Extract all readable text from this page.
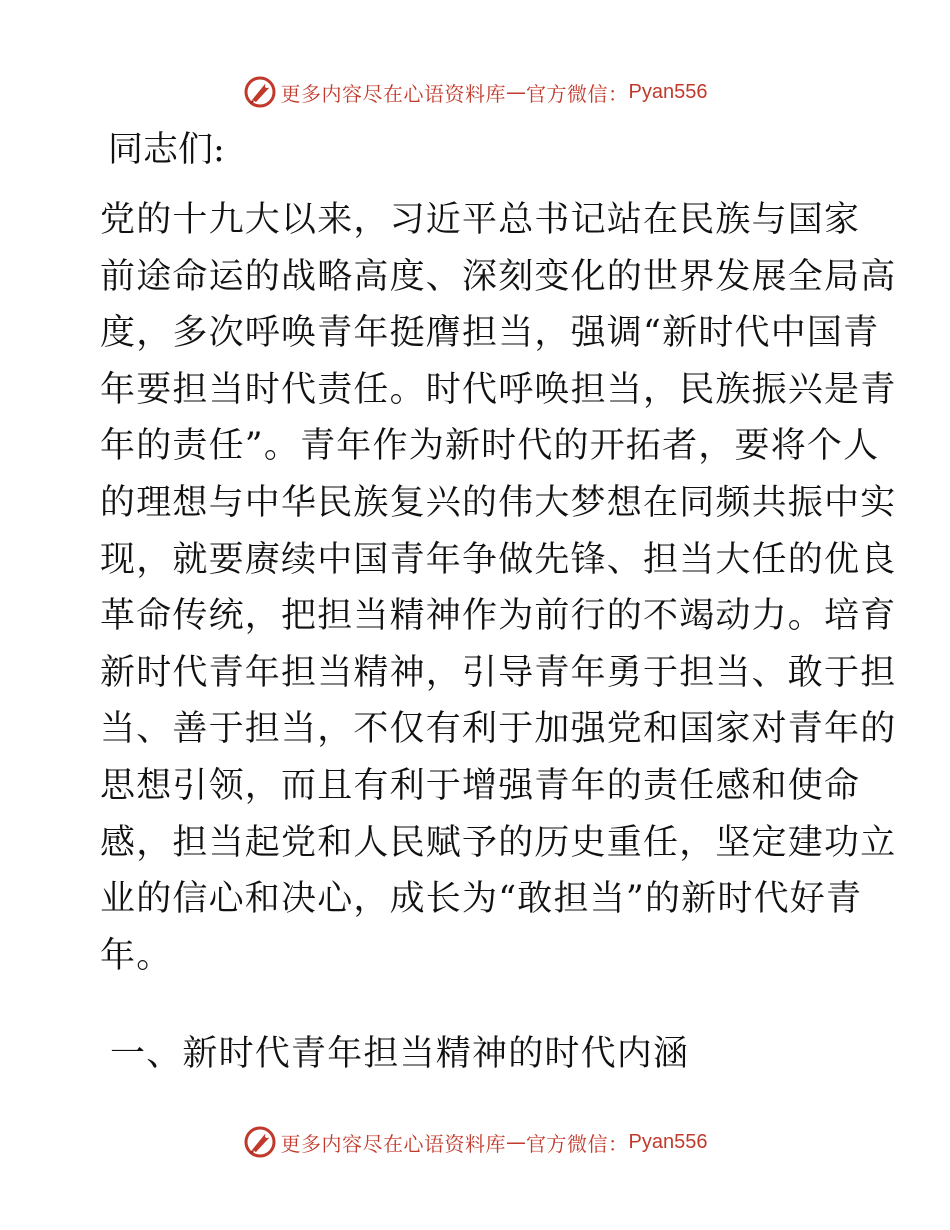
更多内容尽在心语资料库 — 官方微信： Pyan556
同志们:
党的十九大以来，习近平总书记站在民族与国家
前途命运的战略高度、深刻变化的世界发展全局高
度，多次呼唤青年挺膺担当，强调“新时代中国青
年要担当时代责任。时代呼唤担当，民族振兴是青
年的责任”。青年作为新时代的开拓者，要将个人
的理想与中华民族复兴的伟大梦想在同频共振中实
现，就要赓续中国青年争做先锋、担当大任的优良
革命传统，把担当精神作为前行的不竭动力。培育
新时代青年担当精神，引导青年勇于担当、敢于担
当、善于担当，不仅有利于加强党和国家对青年的
思想引领，而且有利于增强青年的责任感和使命
感，担当起党和人民赋予的历史重任，坚定建功立
业的信心和决心，成长为“敢担当”的新时代好青
年。
一、新时代青年担当精神的时代内涵
更多内容尽在心语资料库 — 官方微信： Pyan556
